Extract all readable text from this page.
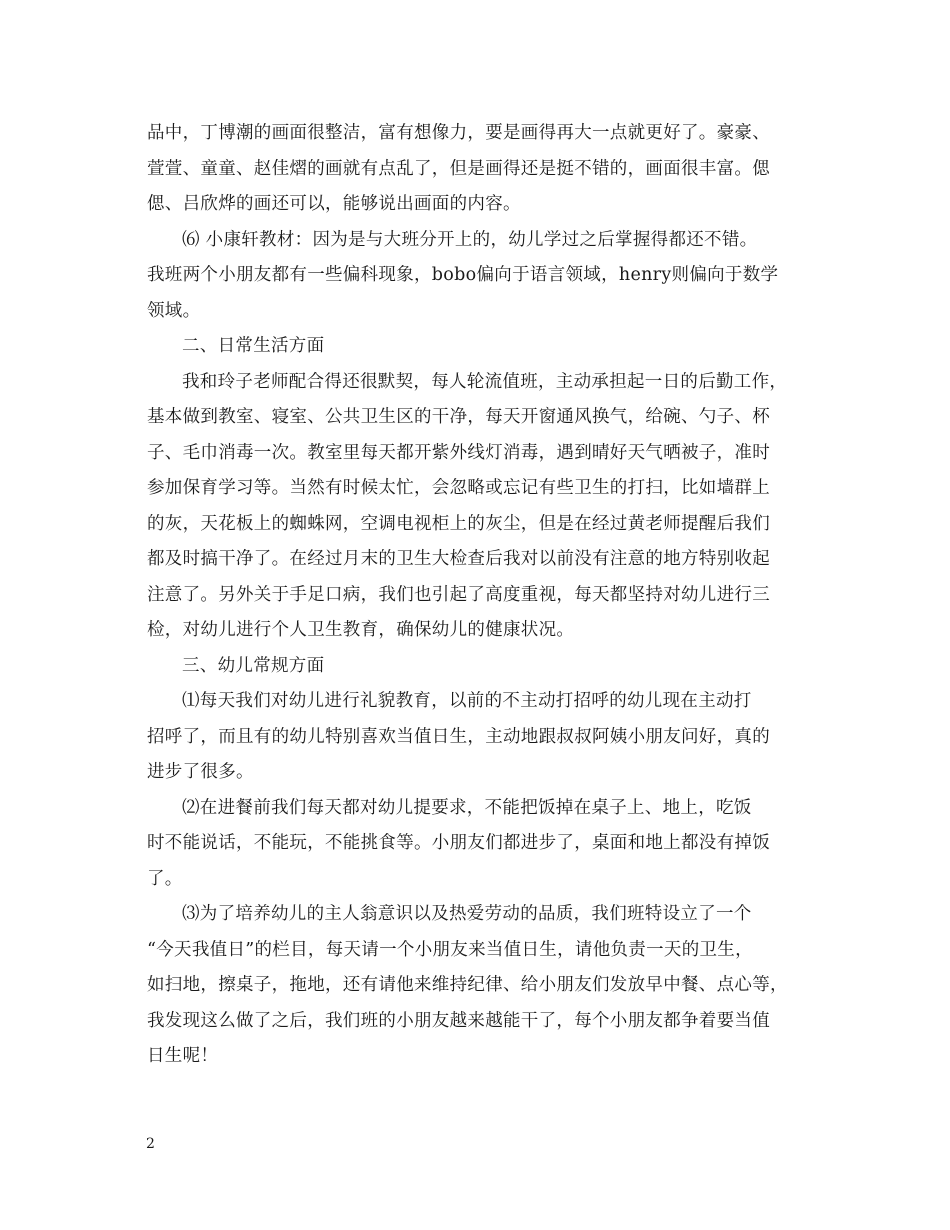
品中，丁博潮的画面很整洁，富有想像力，要是画得再大一点就更好了。豪豪、
萱萱、童童、赵佳熠的画就有点乱了，但是画得还是挺不错的，画面很丰富。偲
偲、吕欣烨的画还可以，能够说出画面的内容。
⑹ 小康轩教材：因为是与大班分开上的，幼儿学过之后掌握得都还不错。
我班两个小朋友都有一些偏科现象，bobo偏向于语言领域，henry则偏向于数学
领域。
二、日常生活方面
我和玲子老师配合得还很默契，每人轮流值班，主动承担起一日的后勤工作，
基本做到教室、寝室、公共卫生区的干净，每天开窗通风换气，给碗、勺子、杯
子、毛巾消毒一次。教室里每天都开紫外线灯消毒，遇到晴好天气晒被子，准时
参加保育学习等。当然有时候太忙，会忽略或忘记有些卫生的打扫，比如墙群上
的灰，天花板上的蜘蛛网，空调电视柜上的灰尘，但是在经过黄老师提醒后我们
都及时搞干净了。在经过月末的卫生大检查后我对以前没有注意的地方特别收起
注意了。另外关于手足口病，我们也引起了高度重视，每天都坚持对幼儿进行三
检，对幼儿进行个人卫生教育，确保幼儿的健康状况。
三、幼儿常规方面
⑴每天我们对幼儿进行礼貌教育，以前的不主动打招呼的幼儿现在主动打
招呼了，而且有的幼儿特别喜欢当值日生，主动地跟叔叔阿姨小朋友问好，真的
进步了很多。
⑵在进餐前我们每天都对幼儿提要求，不能把饭掉在桌子上、地上，吃饭
时不能说话，不能玩，不能挑食等。小朋友们都进步了，桌面和地上都没有掉饭
了。
⑶为了培养幼儿的主人翁意识以及热爱劳动的品质，我们班特设立了一个
“今天我值日”的栏目，每天请一个小朋友来当值日生，请他负责一天的卫生，
如扫地，擦桌子，拖地，还有请他来维持纪律、给小朋友们发放早中餐、点心等，
我发现这么做了之后，我们班的小朋友越来越能干了，每个小朋友都争着要当值
日生呢！
2
